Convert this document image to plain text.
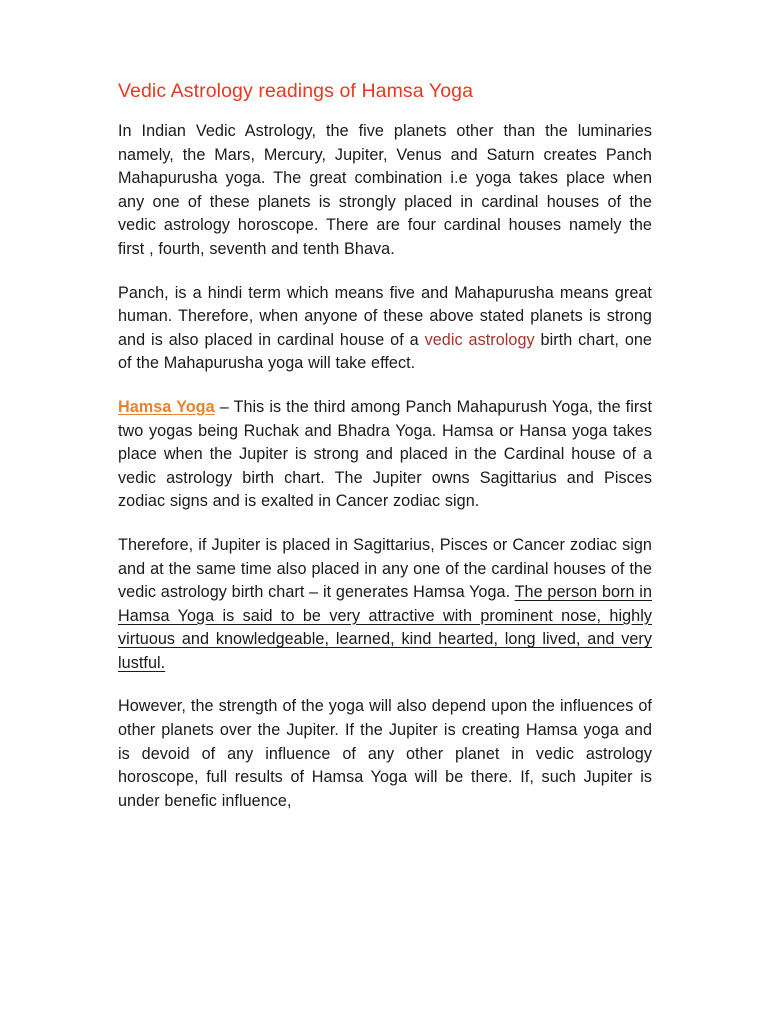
Vedic Astrology readings of Hamsa Yoga

In Indian Vedic Astrology, the five planets other than the luminaries namely, the Mars, Mercury, Jupiter, Venus and Saturn creates Panch Mahapurusha yoga. The great combination i.e yoga takes place when any one of these planets is strongly placed in cardinal houses of the vedic astrology horoscope. There are four cardinal houses namely the first , fourth, seventh and tenth Bhava.

Panch, is a hindi term which means five and Mahapurusha means great human. Therefore, when anyone of these above stated planets is strong and is also placed in cardinal house of a vedic astrology birth chart, one of the Mahapurusha yoga will take effect.

Hamsa Yoga – This is the third among Panch Mahapurush Yoga, the first two yogas being Ruchak and Bhadra Yoga. Hamsa or Hansa yoga takes place when the Jupiter is strong and placed in the Cardinal house of a vedic astrology birth chart. The Jupiter owns Sagittarius and Pisces zodiac signs and is exalted in Cancer zodiac sign.

Therefore, if Jupiter is placed in Sagittarius, Pisces or Cancer zodiac sign and at the same time also placed in any one of the cardinal houses of the vedic astrology birth chart – it generates Hamsa Yoga. The person born in Hamsa Yoga is said to be very attractive with prominent nose, highly virtuous and knowledgeable, learned, kind hearted, long lived, and very lustful.

However, the strength of the yoga will also depend upon the influences of other planets over the Jupiter. If the Jupiter is creating Hamsa yoga and is devoid of any influence of any other planet in vedic astrology horoscope, full results of Hamsa Yoga will be there. If, such Jupiter is under benefic influence,
